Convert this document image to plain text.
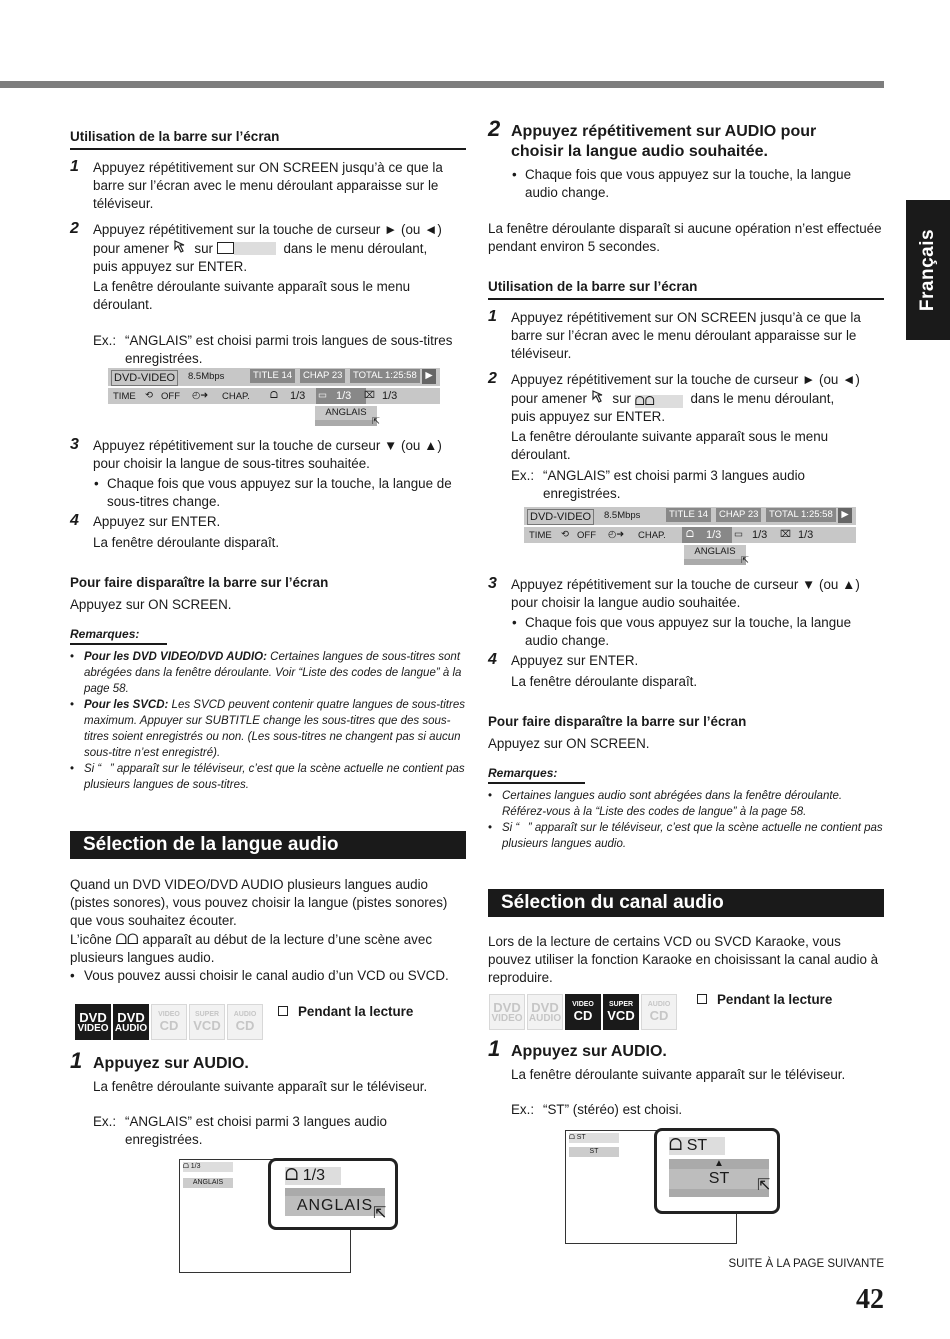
Français

Utilisation de la barre sur l’écran

1 Appuyez répétitivement sur ON SCREEN jusqu’à ce que la barre sur l’écran avec le menu déroulant apparaisse sur le téléviseur.

2 Appuyez répétitivement sur la touche de curseur ► (ou ◄)
pour amener sur	dans le menu déroulant,
puis appuyez sur ENTER.

La fenêtre déroulante suivante apparaît sous le menu déroulant.

Ex.: “ANGLAIS” est choisi parmi trois langues de sous-titres enregistrées.

DVD-VIDEO	8.5Mbps	TITLE 14	CHAP 23	TOTAL 1:25:58 ▶
TIME ⟲ OFF ◴➜ CHAP. ᗝ 1/3 ▭ 1/3 ⌧ 1/3
ANGLAIS
⇱

3 Appuyez répétitivement sur la touche de curseur ▼ (ou ▲) pour choisir la langue de sous-titres souhaitée.

• Chaque fois que vous appuyez sur la touche, la langue de sous-titres change.

4 Appuyez sur ENTER.

La fenêtre déroulante disparaît.

Pour faire disparaître la barre sur l’écran

Appuyez sur ON SCREEN.

Remarques:

• Pour les DVD VIDEO/DVD AUDIO: Certaines langues de sous-titres sont abrégées dans la fenêtre déroulante. Voir “Liste des codes de langue” à la page 58.

• Pour les SVCD: Les SVCD peuvent contenir quatre langues de sous-titres maximum. Appuyer sur SUBTITLE change les sous-titres que des sous-titres soient enregistrés ou non. (Les sous-titres ne changent pas si aucun sous-titre n’est enregistré).

• Si “⃠” apparaît sur le téléviseur, c’est que la scène actuelle ne contient pas plusieurs langues de sous-titres.

Sélection de la langue audio

Quand un DVD VIDEO/DVD AUDIO plusieurs langues audio (pistes sonores), vous pouvez choisir la langue (pistes sonores) que vous souhaitez écouter.

L’icône ᗝᗝ apparaît au début de la lecture d’une scène avec plusieurs langues audio.

• Vous pouvez aussi choisir le canal audio d’un VCD ou SVCD.

DVD
VIDEO
DVD
AUDIO
VIDEO
CD
SUPER
VCD
AUDIO
CD
Pendant la lecture

1 Appuyez sur AUDIO.

La fenêtre déroulante suivante apparaît sur le téléviseur.

Ex.: “ANGLAIS” est choisi parmi 3 langues audio enregistrées.

ᗝ 1/3
ANGLAIS	ᗝ 1/3
ANGLAIS ⇱

2 Appuyez répétitivement sur AUDIO pour
choisir la langue audio souhaitée.

• Chaque fois que vous appuyez sur la touche, la langue audio change.

La fenêtre déroulante disparaît si aucune opération n’est effectuée pendant environ 5 secondes.

Utilisation de la barre sur l’écran

1 Appuyez répétitivement sur ON SCREEN jusqu’à ce que la barre sur l’écran avec le menu déroulant apparaisse sur le téléviseur.

2 Appuyez répétitivement sur la touche de curseur ► (ou ◄)
pour amener sur ᗝᗝ	dans le menu déroulant,
puis appuyez sur ENTER.

La fenêtre déroulante suivante apparaît sous le menu déroulant.

Ex.: “ANGLAIS” est choisi parmi 3 langues audio enregistrées.

DVD-VIDEO	8.5Mbps	TITLE 14	CHAP 23	TOTAL 1:25:58 ▶
TIME ⟲ OFF ◴➜ CHAP. ᗝ 1/3 ▭ 1/3 ⌧ 1/3
ANGLAIS
⇱

3 Appuyez répétitivement sur la touche de curseur ▼ (ou ▲) pour choisir la langue audio souhaitée.

• Chaque fois que vous appuyez sur la touche, la langue audio change.

4 Appuyez sur ENTER.

La fenêtre déroulante disparaît.

Pour faire disparaître la barre sur l’écran

Appuyez sur ON SCREEN.

Remarques:

• Certaines langues audio sont abrégées dans la fenêtre déroulante. Référez-vous à la “Liste des codes de langue” à la page 58.

• Si “⃠” apparaît sur le téléviseur, c’est que la scène actuelle ne contient pas plusieurs langues audio.

Sélection du canal audio

Lors de la lecture de certains VCD ou SVCD Karaoke, vous pouvez utiliser la fonction Karaoke en choisissant la canal audio à reproduire.

DVD
VIDEO
DVD
AUDIO
VIDEO
CD
SUPER
VCD
AUDIO
CD
Pendant la lecture

1 Appuyez sur AUDIO.

La fenêtre déroulante suivante apparaît sur le téléviseur.

Ex.: “ST” (stéréo) est choisi.

ᗝ ST
ST	ᗝ ST
▲
ST	⇱
SUITE À LA PAGE SUIVANTE
42
